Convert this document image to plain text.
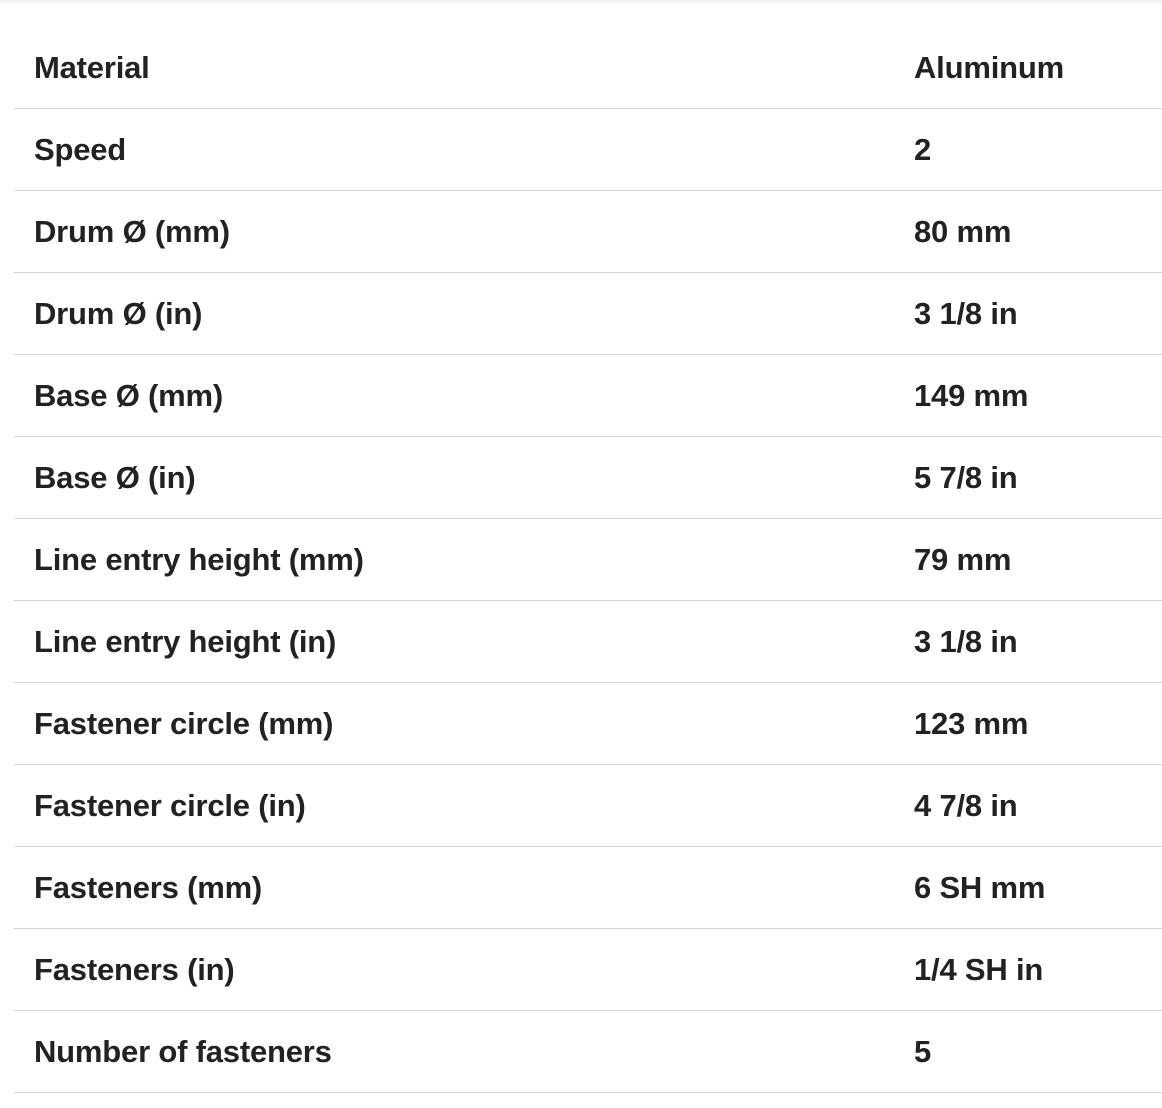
Material	Aluminum
Speed	2
Drum Ø (mm)	80 mm
Drum Ø (in)	3 1/8 in
Base Ø (mm)	149 mm
Base Ø (in)	5 7/8 in
Line entry height (mm)	79 mm
Line entry height (in)	3 1/8 in
Fastener circle (mm)	123 mm
Fastener circle (in)	4 7/8 in
Fasteners (mm)	6 SH mm
Fasteners (in)	1/4 SH in
Number of fasteners	5
